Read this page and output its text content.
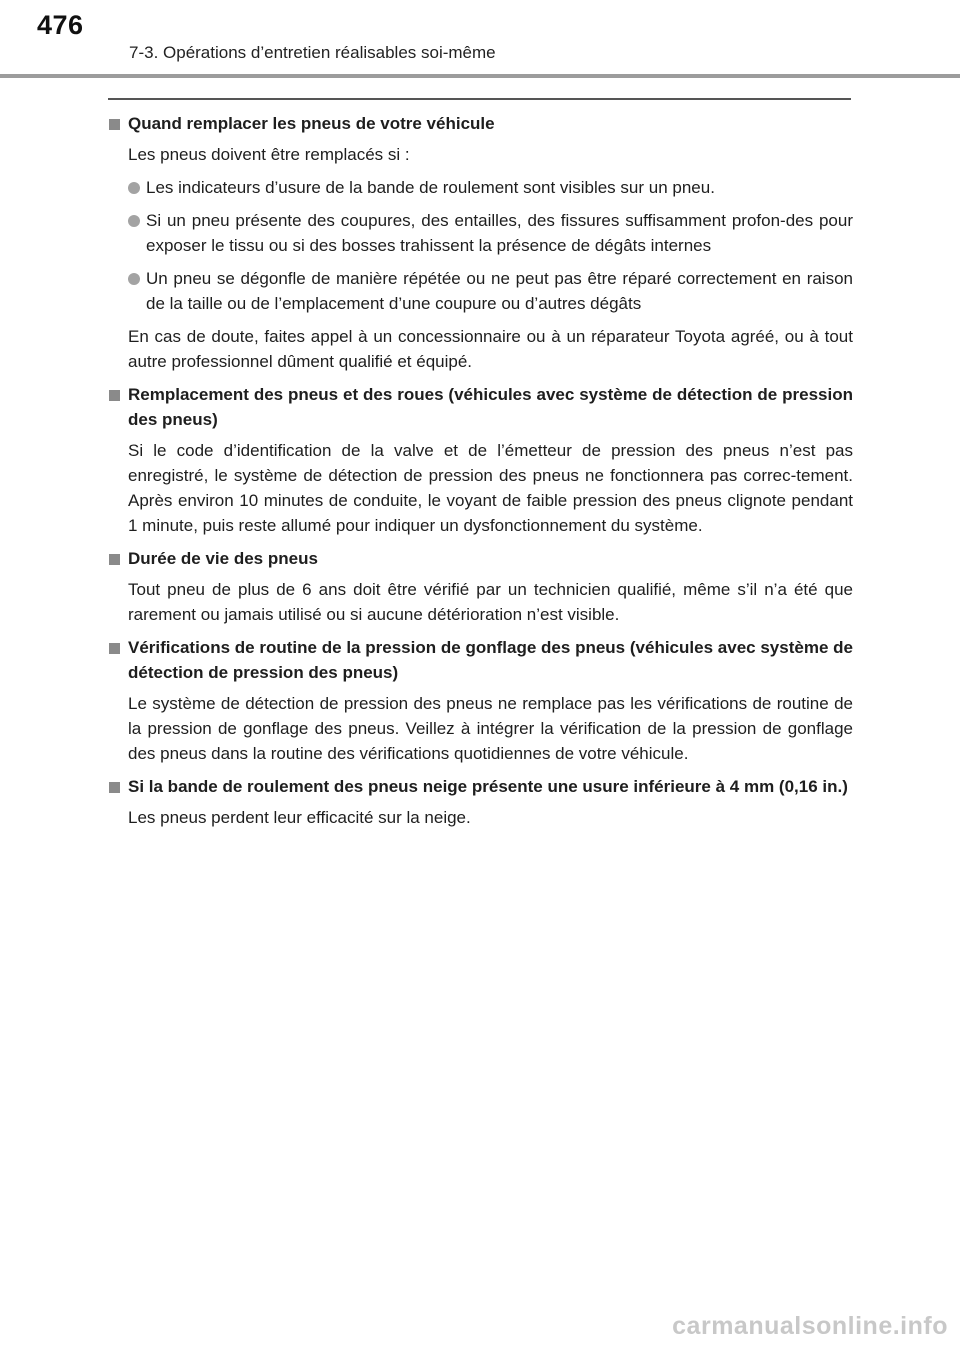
476
7-3. Opérations d’entretien réalisables soi-même
Quand remplacer les pneus de votre véhicule
Les pneus doivent être remplacés si :
Les indicateurs d’usure de la bande de roulement sont visibles sur un pneu.
Si un pneu présente des coupures, des entailles, des fissures suffisamment profon-des pour exposer le tissu ou si des bosses trahissent la présence de dégâts internes
Un pneu se dégonfle de manière répétée ou ne peut pas être réparé correctement en raison de la taille ou de l’emplacement d’une coupure ou d’autres dégâts
En cas de doute, faites appel à un concessionnaire ou à un réparateur Toyota agréé, ou à tout autre professionnel dûment qualifié et équipé.
Remplacement des pneus et des roues (véhicules avec système de détection de pression des pneus)
Si le code d’identification de la valve et de l’émetteur de pression des pneus n’est pas enregistré, le système de détection de pression des pneus ne fonctionnera pas correc-tement. Après environ 10 minutes de conduite, le voyant de faible pression des pneus clignote pendant 1 minute, puis reste allumé pour indiquer un dysfonctionnement du système.
Durée de vie des pneus
Tout pneu de plus de 6 ans doit être vérifié par un technicien qualifié, même s’il n’a été que rarement ou jamais utilisé ou si aucune détérioration n’est visible.
Vérifications de routine de la pression de gonflage des pneus (véhicules avec système de détection de pression des pneus)
Le système de détection de pression des pneus ne remplace pas les vérifications de routine de la pression de gonflage des pneus. Veillez à intégrer la vérification de la pression de gonflage des pneus dans la routine des vérifications quotidiennes de votre véhicule.
Si la bande de roulement des pneus neige présente une usure inférieure à 4 mm (0,16 in.)
Les pneus perdent leur efficacité sur la neige.
carmanualsonline.info
